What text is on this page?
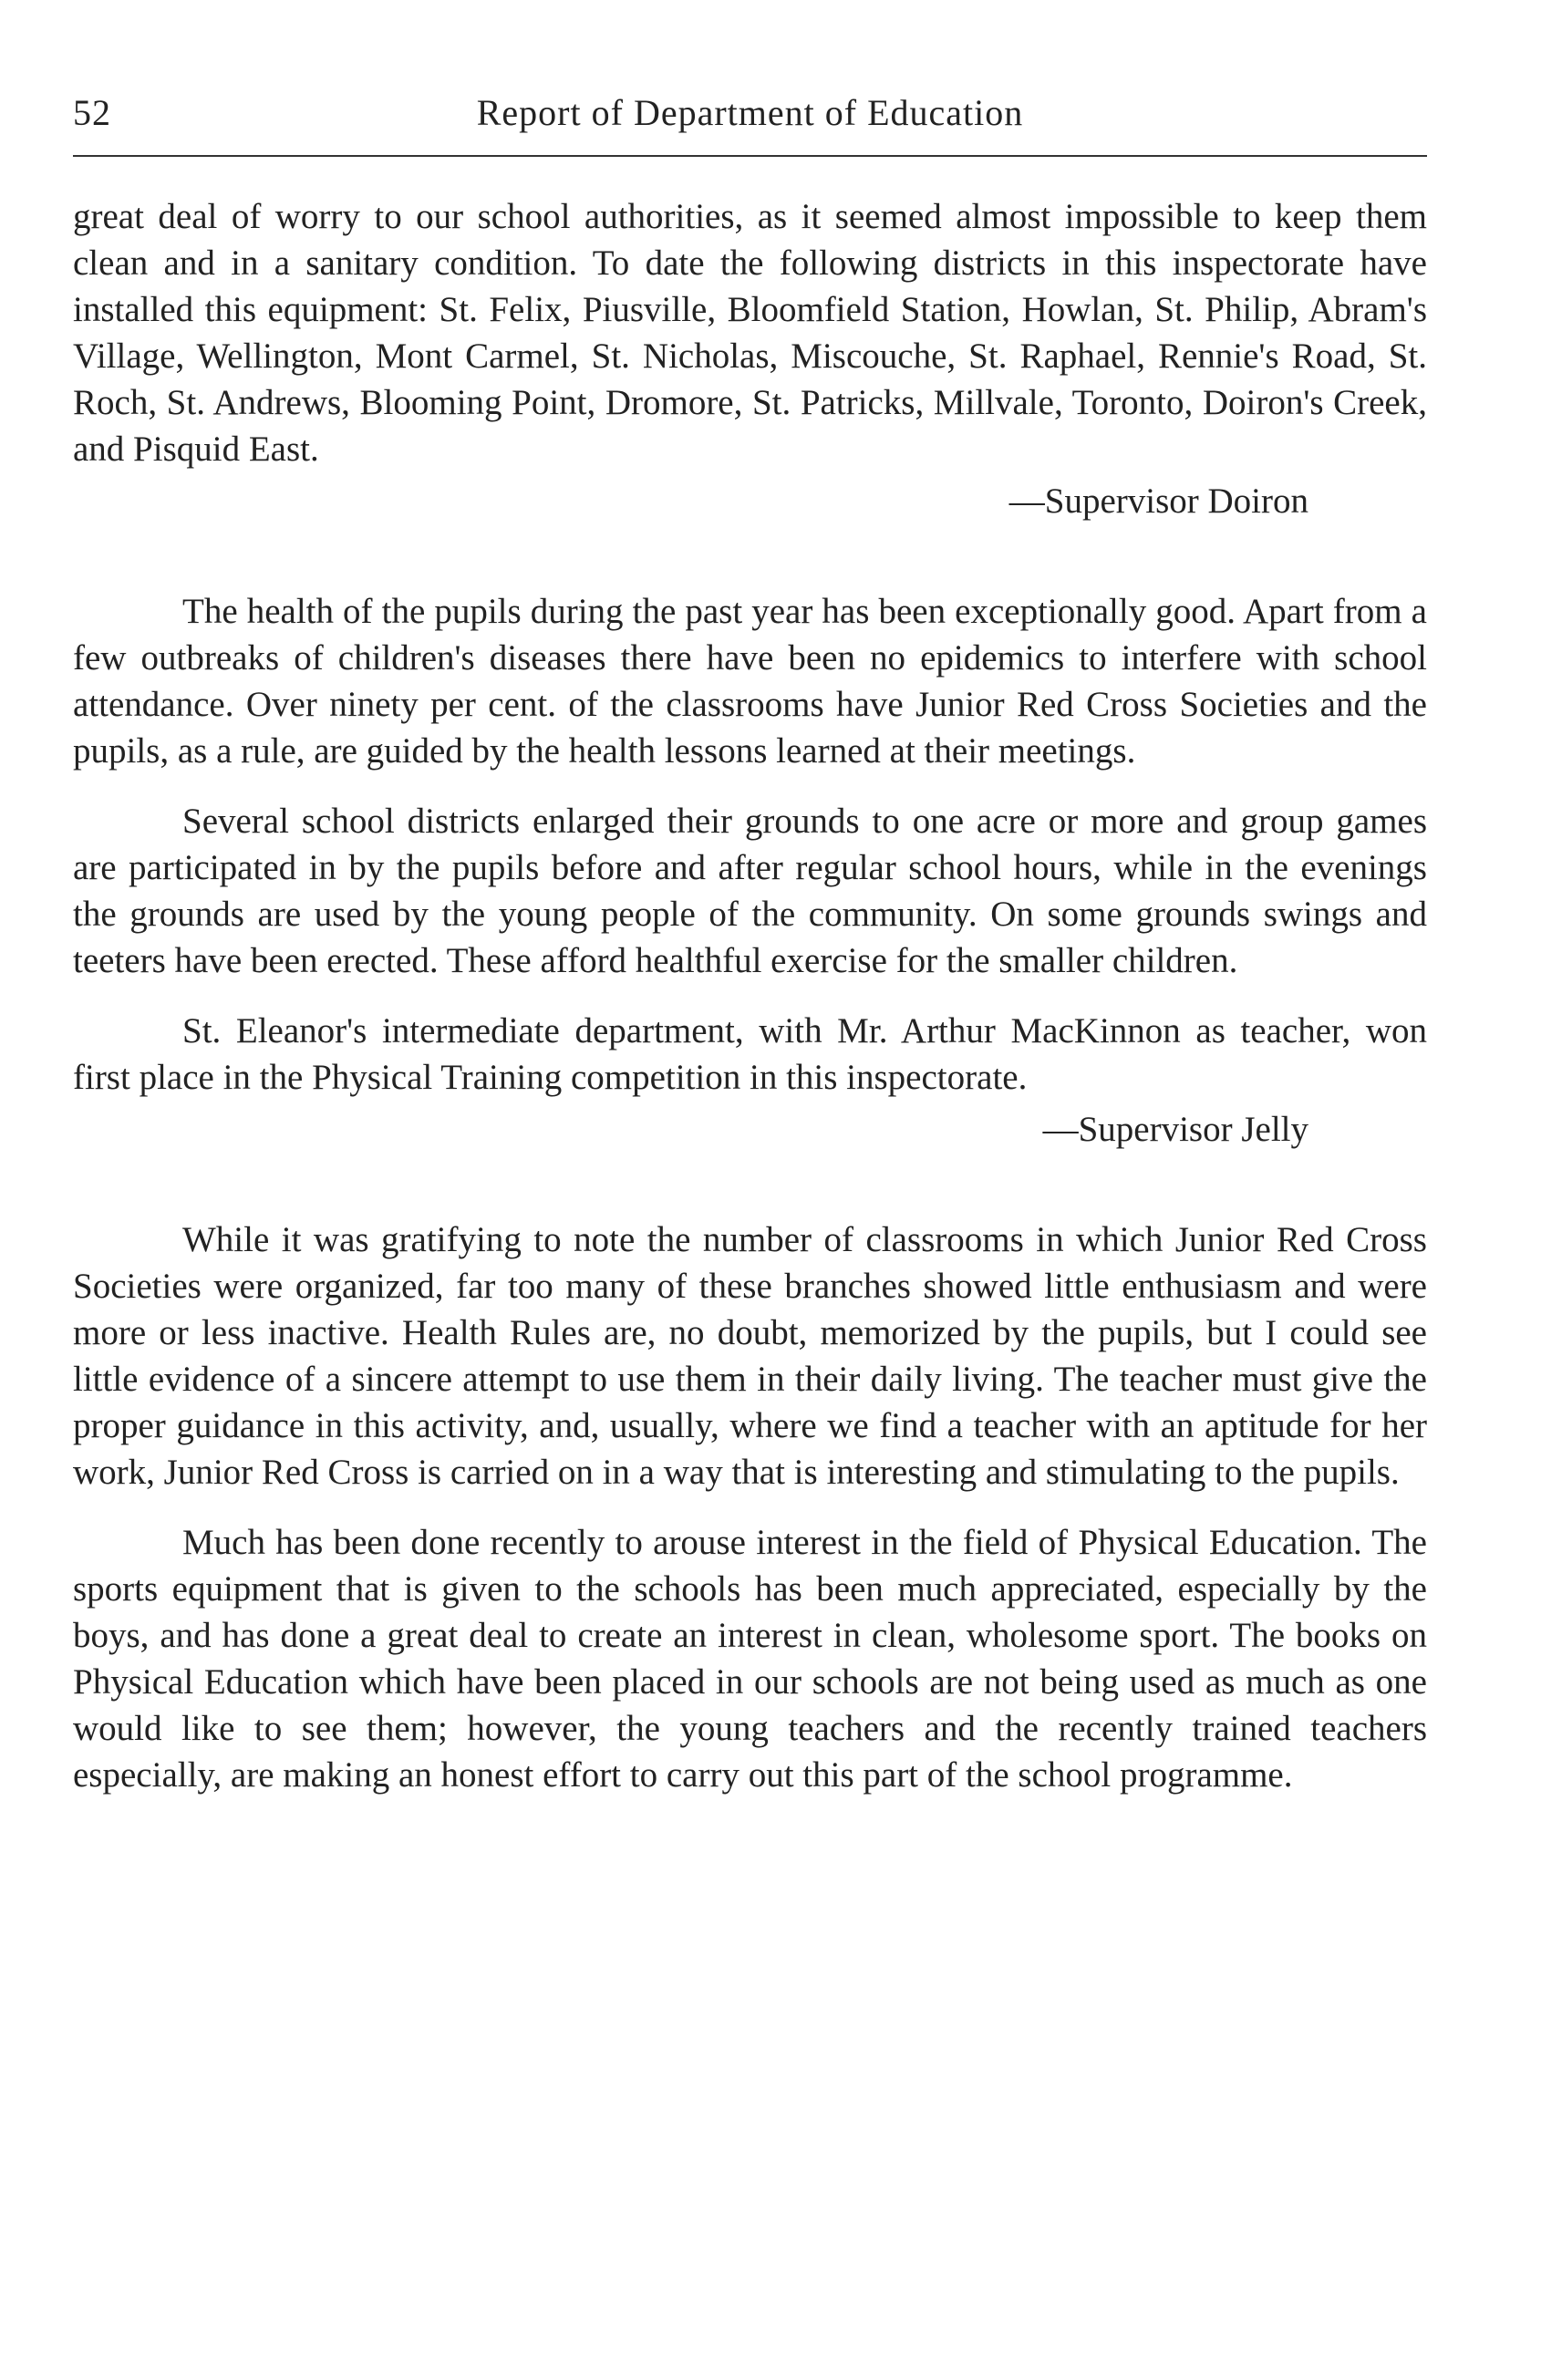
52	Report of Department of Education

great deal of worry to our school authorities, as it seemed almost impossible to keep them clean and in a sanitary condition. To date the following districts in this inspectorate have installed this equipment: St. Felix, Piusville, Bloomfield Station, Howlan, St. Philip, Abram's Village, Wellington, Mont Carmel, St. Nicholas, Miscouche, St. Raphael, Rennie's Road, St. Roch, St. Andrews, Blooming Point, Dromore, St. Patricks, Millvale, Toronto, Doiron's Creek, and Pisquid East.

—Supervisor Doiron

The health of the pupils during the past year has been exceptionally good. Apart from a few outbreaks of children's diseases there have been no epidemics to interfere with school attendance. Over ninety per cent. of the classrooms have Junior Red Cross Societies and the pupils, as a rule, are guided by the health lessons learned at their meetings.

Several school districts enlarged their grounds to one acre or more and group games are participated in by the pupils before and after regular school hours, while in the evenings the grounds are used by the young people of the community. On some grounds swings and teeters have been erected. These afford healthful exercise for the smaller children.

St. Eleanor's intermediate department, with Mr. Arthur MacKinnon as teacher, won first place in the Physical Training competition in this inspectorate.

—Supervisor Jelly

While it was gratifying to note the number of classrooms in which Junior Red Cross Societies were organized, far too many of these branches showed little enthusiasm and were more or less inactive. Health Rules are, no doubt, memorized by the pupils, but I could see little evidence of a sincere attempt to use them in their daily living. The teacher must give the proper guidance in this activity, and, usually, where we find a teacher with an aptitude for her work, Junior Red Cross is carried on in a way that is interesting and stimulating to the pupils.

Much has been done recently to arouse interest in the field of Physical Education. The sports equipment that is given to the schools has been much appreciated, especially by the boys, and has done a great deal to create an interest in clean, wholesome sport. The books on Physical Education which have been placed in our schools are not being used as much as one would like to see them; however, the young teachers and the recently trained teachers especially, are making an honest effort to carry out this part of the school programme.
